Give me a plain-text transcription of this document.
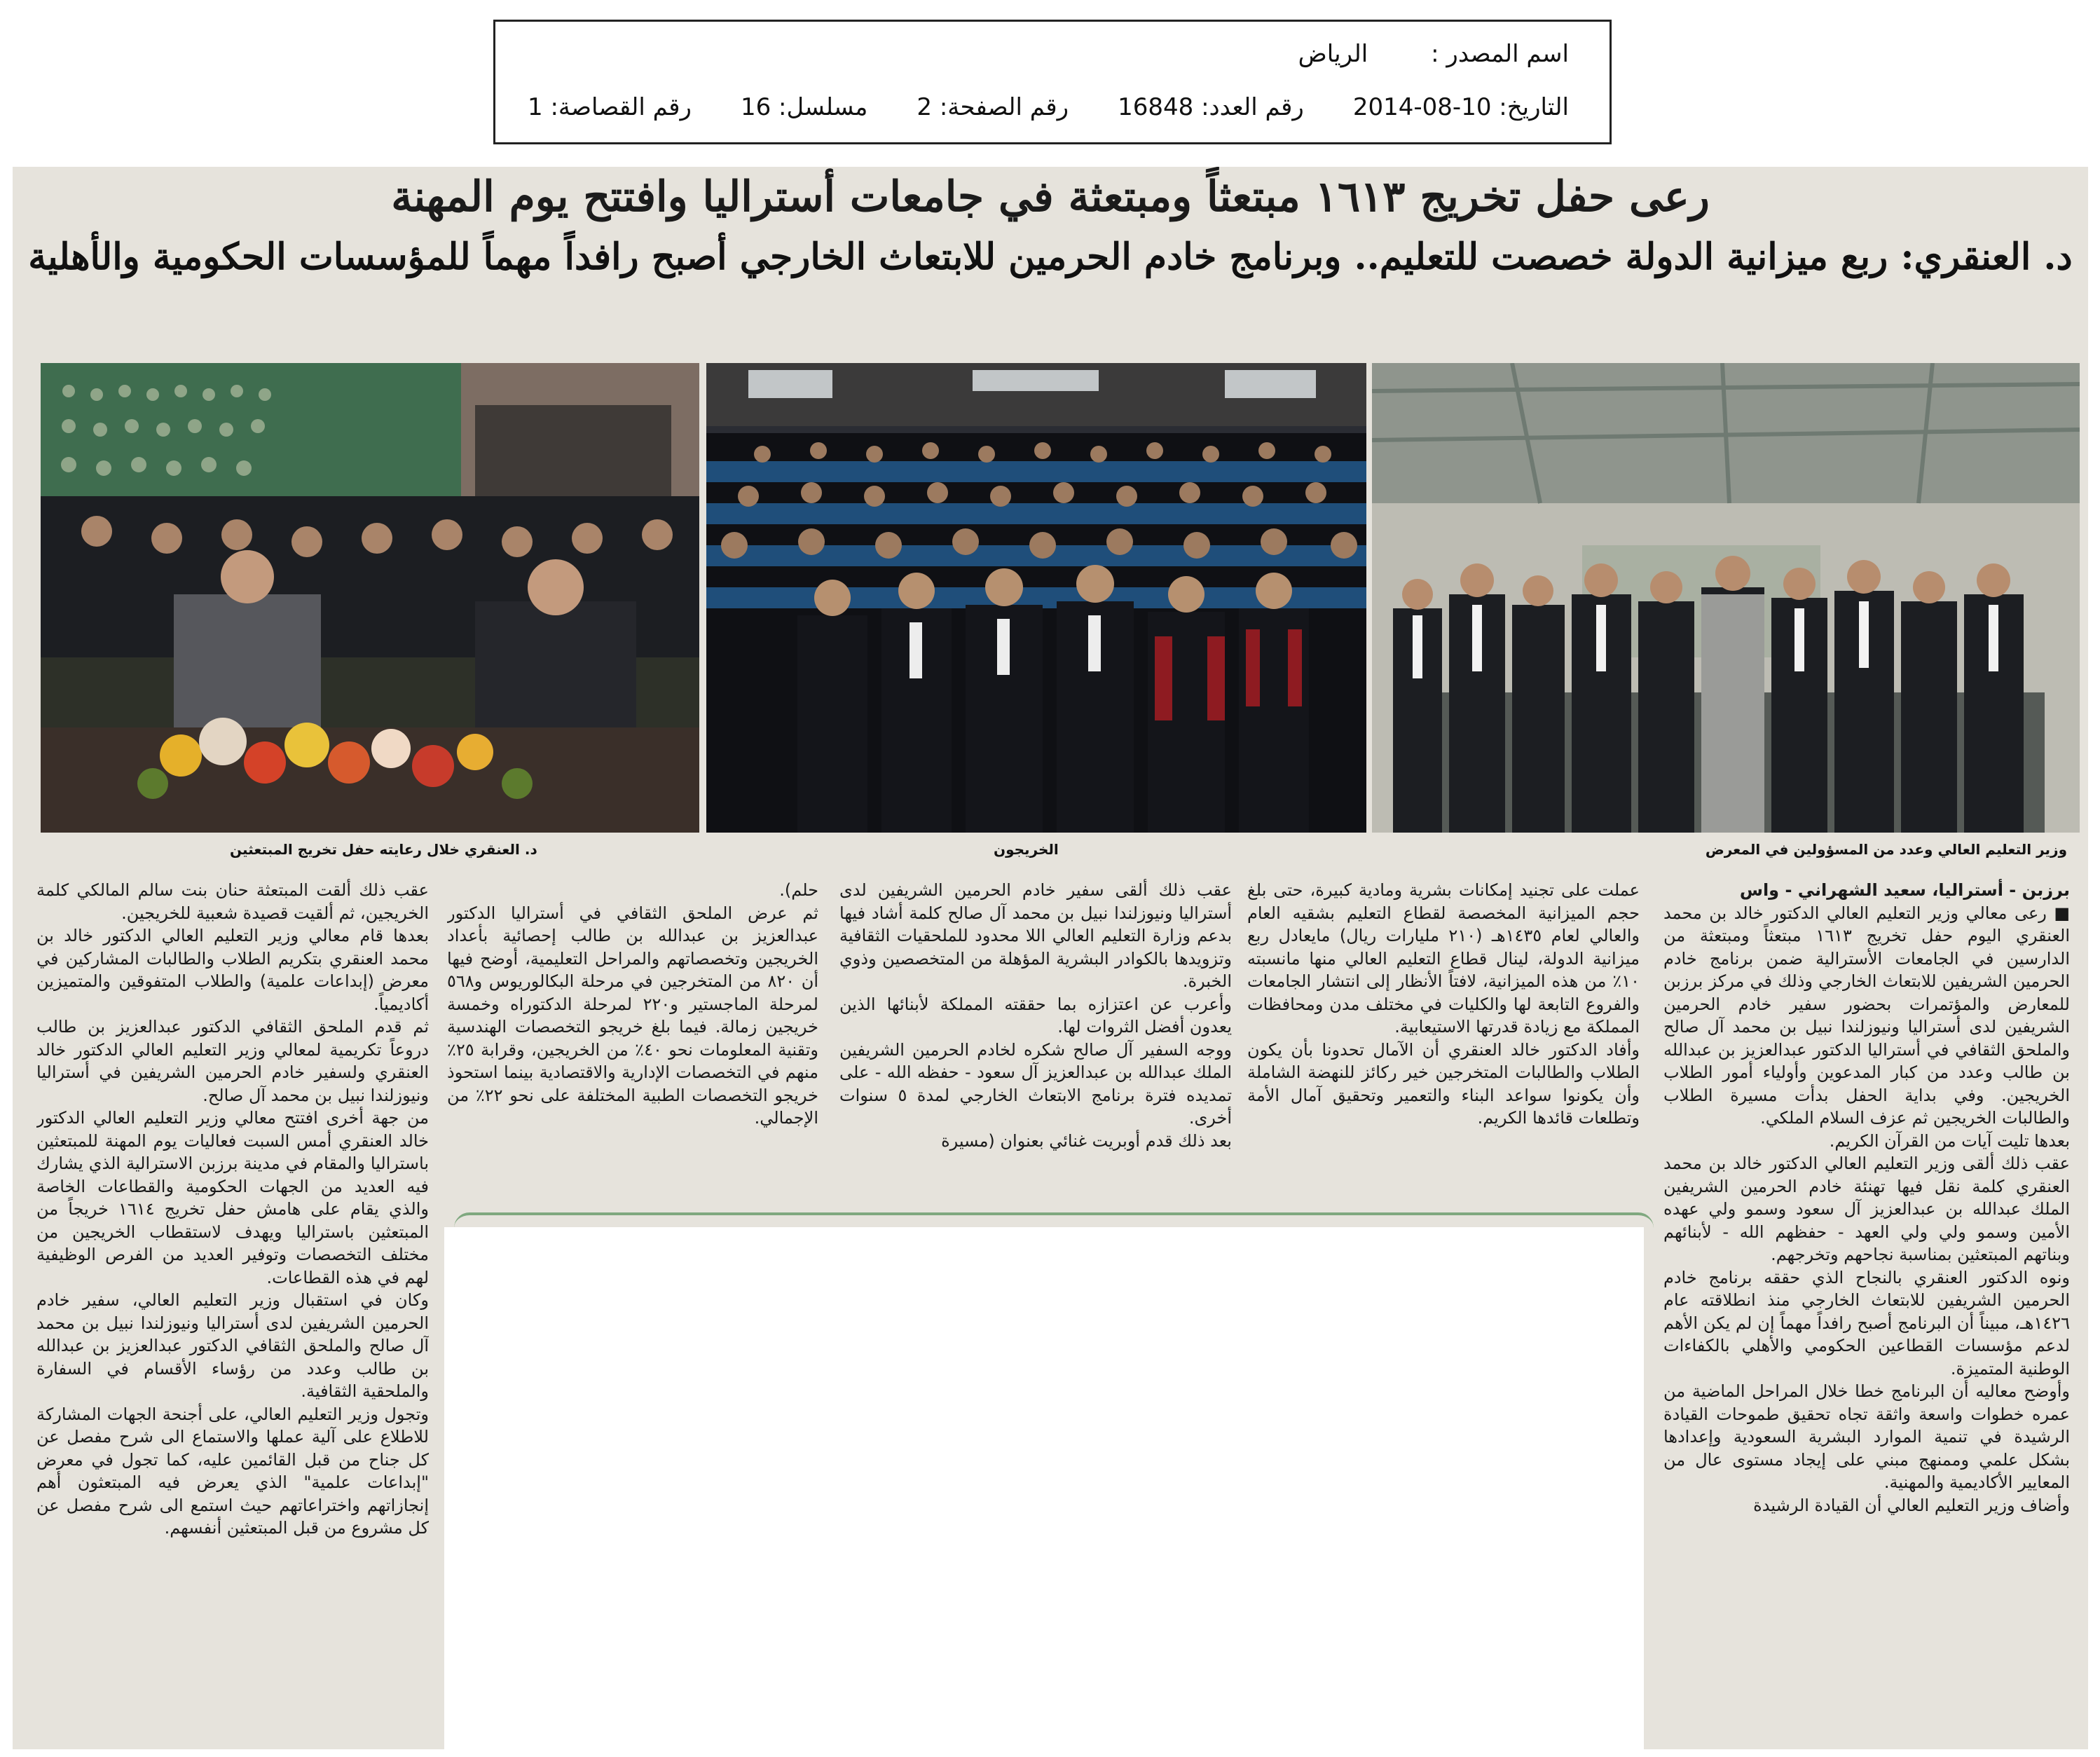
اسم المصدر :الرياض
التاريخ: 10-08-2014رقم العدد: 16848رقم الصفحة: 2مسلسل: 16رقم القصاصة: 1
رعى حفل تخريج ١٦١٣ مبتعثاً ومبتعثة في جامعات أستراليا وافتتح يوم المهنة
د. العنقري: ربع ميزانية الدولة خصصت للتعليم.. وبرنامج خادم الحرمين للابتعاث الخارجي أصبح رافداً مهماً للمؤسسات الحكومية والأهلية
وزير التعليم العالي وعدد من المسؤولين في المعرض
الخريجون
د. العنقري خلال رعايته حفل تخريج المبتعثين

برزبن - أستراليا، سعيد الشهراني - واس

■ رعى معالي وزير التعليم العالي الدكتور خالد بن محمد العنقري اليوم حفل تخريج ١٦١٣ مبتعثاً ومبتعثة من الدارسين في الجامعات الأسترالية ضمن برنامج خادم الحرمين الشريفين للابتعاث الخارجي وذلك في مركز برزبن للمعارض والمؤتمرات بحضور سفير خادم الحرمين الشريفين لدى أستراليا ونيوزلندا نبيل بن محمد آل صالح والملحق الثقافي في أستراليا الدكتور عبدالعزيز بن عبدالله بن طالب وعدد من كبار المدعوين وأولياء أمور الطلاب الخريجين. وفي بداية الحفل بدأت مسيرة الطلاب والطالبات الخريجين ثم عزف السلام الملكي.

بعدها تليت آيات من القرآن الكريم.

عقب ذلك ألقى وزير التعليم العالي الدكتور خالد بن محمد العنقري كلمة نقل فيها تهنئة خادم الحرمين الشريفين الملك عبدالله بن عبدالعزيز آل سعود وسمو ولي عهده الأمين وسمو ولي ولي العهد - حفظهم الله - لأبنائهم وبناتهم المبتعثين بمناسبة نجاحهم وتخرجهم.

ونوه الدكتور العنقري بالنجاح الذي حققه برنامج خادم الحرمين الشريفين للابتعاث الخارجي منذ انطلاقته عام ١٤٢٦هـ، مبيناً أن البرنامج أصبح رافداً مهماً إن لم يكن الأهم لدعم مؤسسات القطاعين الحكومي والأهلي بالكفاءات الوطنية المتميزة.

وأوضح معاليه أن البرنامج خطا خلال المراحل الماضية من عمره خطوات واسعة واثقة تجاه تحقيق طموحات القيادة الرشيدة في تنمية الموارد البشرية السعودية وإعدادها بشكل علمي وممنهج مبني على إيجاد مستوى عال من المعايير الأكاديمية والمهنية.

وأضاف وزير التعليم العالي أن القيادة الرشيدة

عملت على تجنيد إمكانات بشرية ومادية كبيرة، حتى بلغ حجم الميزانية المخصصة لقطاع التعليم بشقيه العام والعالي لعام ١٤٣٥هـ (٢١٠ مليارات ريال) مايعادل ربع ميزانية الدولة، لينال قطاع التعليم العالي منها مانسبته ١٠٪ من هذه الميزانية، لافتاً الأنظار إلى انتشار الجامعات والفروع التابعة لها والكليات في مختلف مدن ومحافظات المملكة مع زيادة قدرتها الاستيعابية.

وأفاد الدكتور خالد العنقري أن الآمال تحدونا بأن يكون الطلاب والطالبات المتخرجين خير ركائز للنهضة الشاملة وأن يكونوا سواعد البناء والتعمير وتحقيق آمال الأمة وتطلعات قائدها الكريم.

عقب ذلك ألقى سفير خادم الحرمين الشريفين لدى أستراليا ونيوزلندا نبيل بن محمد آل صالح كلمة أشاد فيها بدعم وزارة التعليم العالي اللا محدود للملحقيات الثقافية وتزويدها بالكوادر البشرية المؤهلة من المتخصصين وذوي الخبرة.

وأعرب عن اعتزازه بما حققته المملكة لأبنائها الذين يعدون أفضل الثروات لها.

ووجه السفير آل صالح شكره لخادم الحرمين الشريفين الملك عبدالله بن عبدالعزيز آل سعود - حفظه الله - على تمديده فترة برنامج الابتعاث الخارجي لمدة ٥ سنوات أخرى.

بعد ذلك قدم أوبريت غنائي بعنوان (مسيرة

حلم).

ثم عرض الملحق الثقافي في أستراليا الدكتور عبدالعزيز بن عبدالله بن طالب إحصائية بأعداد الخريجين وتخصصاتهم والمراحل التعليمية، أوضح فيها أن ٨٢٠ من المتخرجين في مرحلة البكالوريوس و٥٦٨ لمرحلة الماجستير و٢٢٠ لمرحلة الدكتوراه وخمسة خريجين زمالة. فيما بلغ خريجو التخصصات الهندسية وتقنية المعلومات نحو ٤٠٪ من الخريجين، وقرابة ٢٥٪ منهم في التخصصات الإدارية والاقتصادية بينما استحوذ خريجو التخصصات الطبية المختلفة على نحو ٢٢٪ من الإجمالي.

عقب ذلك ألقت المبتعثة حنان بنت سالم المالكي كلمة الخريجين، ثم ألقيت قصيدة شعبية للخريجين.

بعدها قام معالي وزير التعليم العالي الدكتور خالد بن محمد العنقري بتكريم الطلاب والطالبات المشاركين في معرض (إبداعات علمية) والطلاب المتفوقين والمتميزين أكاديمياً.

ثم قدم الملحق الثقافي الدكتور عبدالعزيز بن طالب دروعاً تكريمية لمعالي وزير التعليم العالي الدكتور خالد العنقري ولسفير خادم الحرمين الشريفين في أستراليا ونيوزلندا نبيل بن محمد آل صالح.

من جهة أخرى افتتح معالي وزير التعليم العالي الدكتور خالد العنقري أمس السبت فعاليات يوم المهنة للمبتعثين باستراليا والمقام في مدينة برزبن الاسترالية الذي يشارك فيه العديد من الجهات الحكومية والقطاعات الخاصة والذي يقام على هامش حفل تخريج ١٦١٤ خريجاً من المبتعثين باستراليا ويهدف لاستقطاب الخريجين من مختلف التخصصات وتوفير العديد من الفرص الوظيفية لهم في هذه القطاعات.

وكان في استقبال وزير التعليم العالي، سفير خادم الحرمين الشريفين لدى أستراليا ونيوزلندا نبيل بن محمد آل صالح والملحق الثقافي الدكتور عبدالعزيز بن عبدالله بن طالب وعدد من رؤساء الأقسام في السفارة والملحقية الثقافية.

وتجول وزير التعليم العالي، على أجنحة الجهات المشاركة للاطلاع على آلية عملها والاستماع الى شرح مفصل عن كل جناح من قبل القائمين عليه، كما تجول في معرض "إبداعات علمية" الذي يعرض فيه المبتعثون أهم إنجازاتهم واختراعاتهم حيث استمع الى شرح مفصل عن كل مشروع من قبل المبتعثين أنفسهم.
